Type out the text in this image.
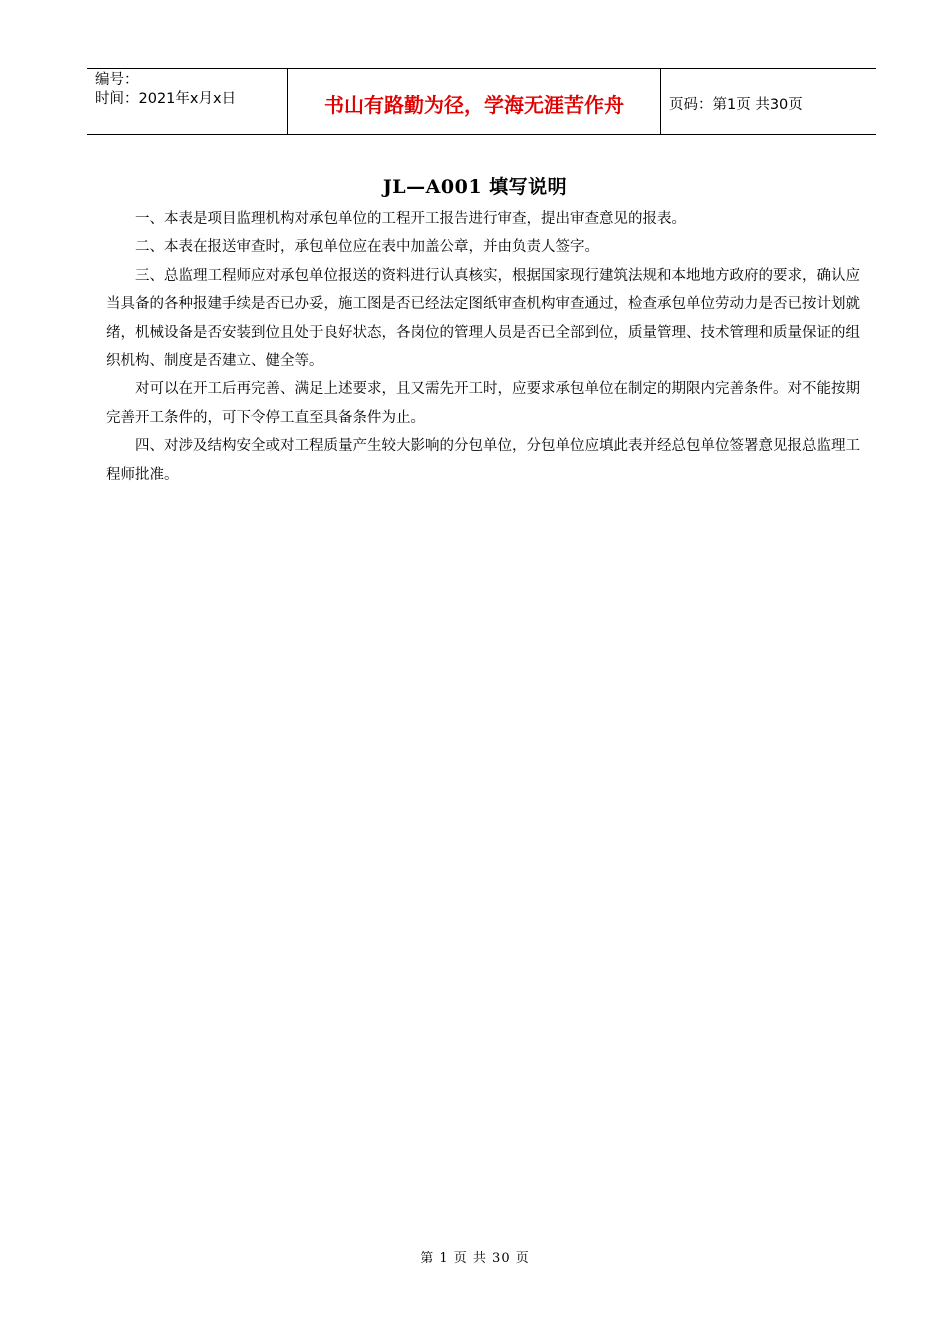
编号：
时间：2021年x月x日	书山有路勤为径，学海无涯苦作舟	页码：第1页 共30页
JL—A001 填写说明

一、本表是项目监理机构对承包单位的工程开工报告进行审查，提出审查意见的报表。

二、本表在报送审查时，承包单位应在表中加盖公章，并由负责人签字。

三、总监理工程师应对承包单位报送的资料进行认真核实，根据国家现行建筑法规和本地地方政府的要求，确认应当具备的各种报建手续是否已办妥，施工图是否已经法定图纸审查机构审查通过，检查承包单位劳动力是否已按计划就绪，机械设备是否安装到位且处于良好状态，各岗位的管理人员是否已全部到位，质量管理、技术管理和质量保证的组织机构、制度是否建立、健全等。

对可以在开工后再完善、满足上述要求，且又需先开工时，应要求承包单位在制定的期限内完善条件。对不能按期完善开工条件的，可下令停工直至具备条件为止。

四、对涉及结构安全或对工程质量产生较大影响的分包单位，分包单位应填此表并经总包单位签署意见报总监理工程师批准。

第 1 页 共 30 页
